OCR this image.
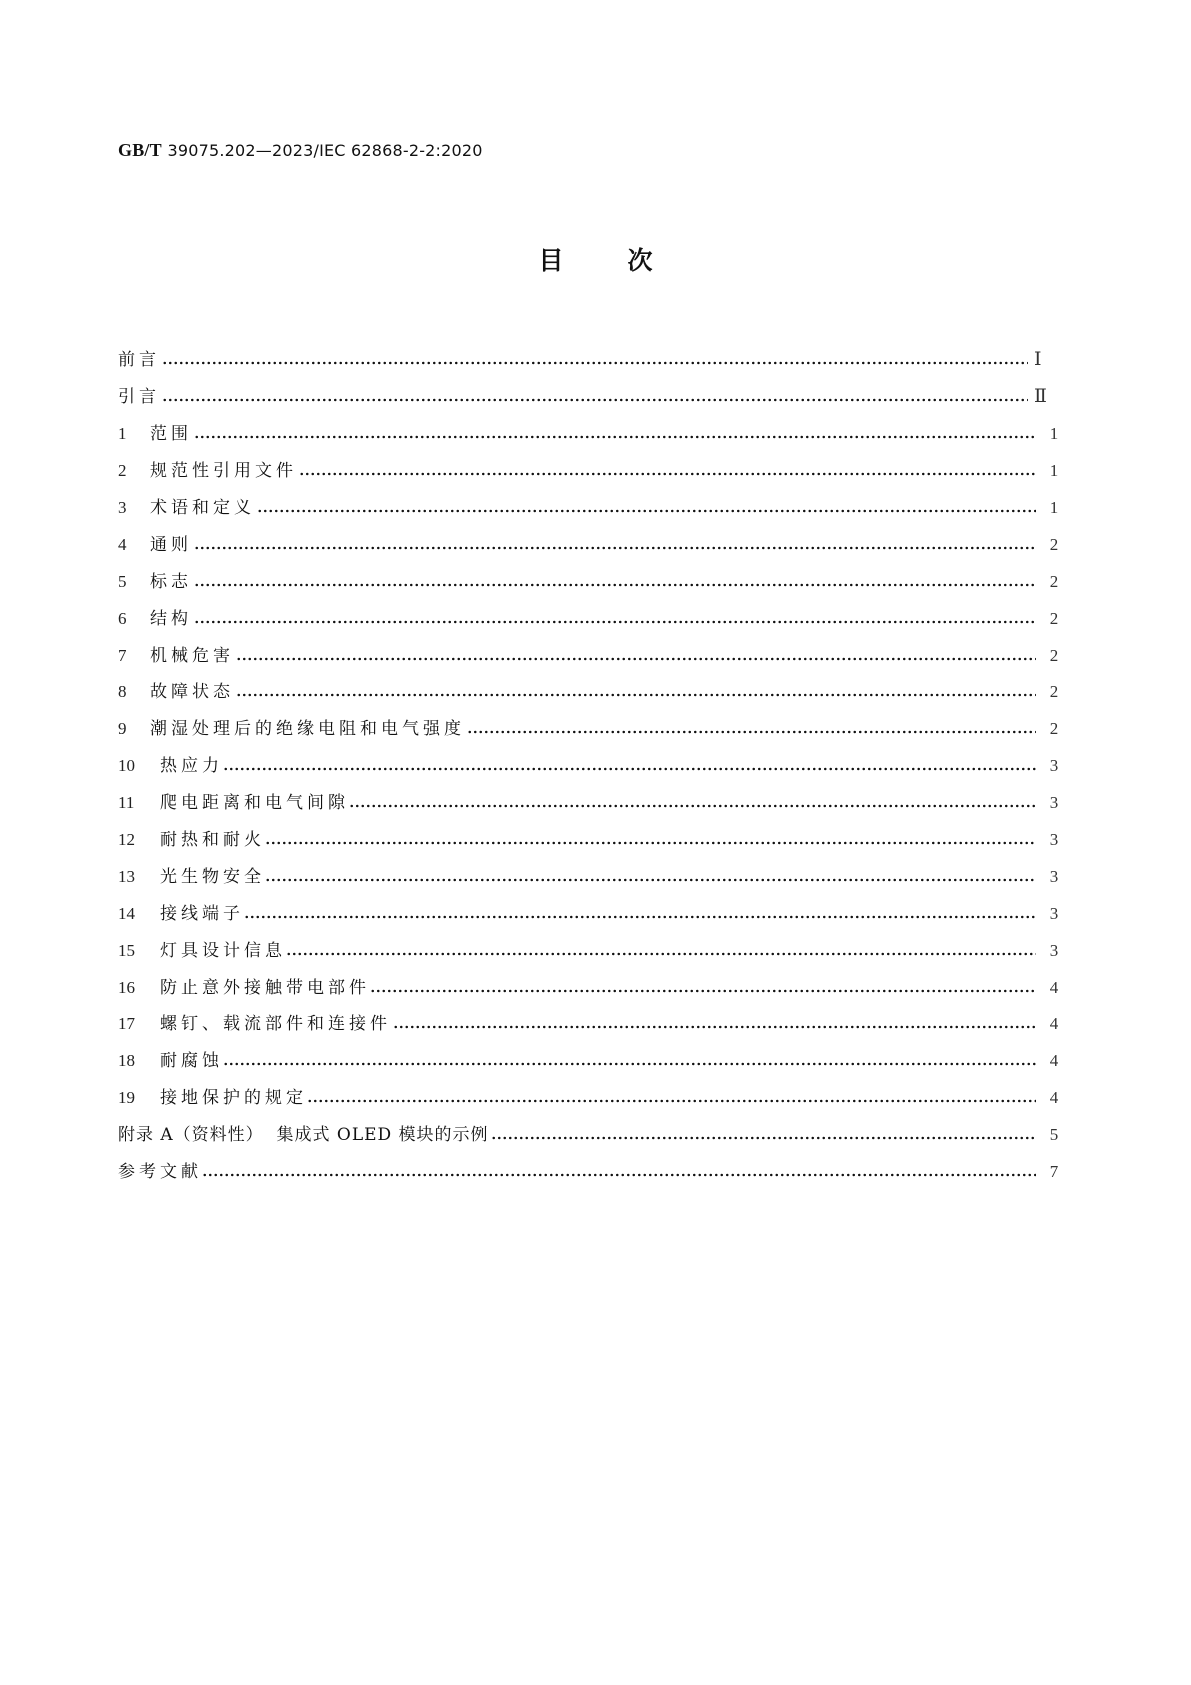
GB/T 39075.202—2023/IEC 62868-2-2:2020
目	次
前言	Ⅰ
引言	Ⅱ
1	范围	1
2	规范性引用文件	1
3	术语和定义	1
4	通则	2
5	标志	2
6	结构	2
7	机械危害	2
8	故障状态	2
9	潮湿处理后的绝缘电阻和电气强度	2
10	热应力	3
11	爬电距离和电气间隙	3
12	耐热和耐火	3
13	光生物安全	3
14	接线端子	3
15	灯具设计信息	3
16	防止意外接触带电部件	4
17	螺钉、载流部件和连接件	4
18	耐腐蚀	4
19	接地保护的规定	4
附录 A（资料性）  集成式 OLED 模块的示例	5
参考文献	7
